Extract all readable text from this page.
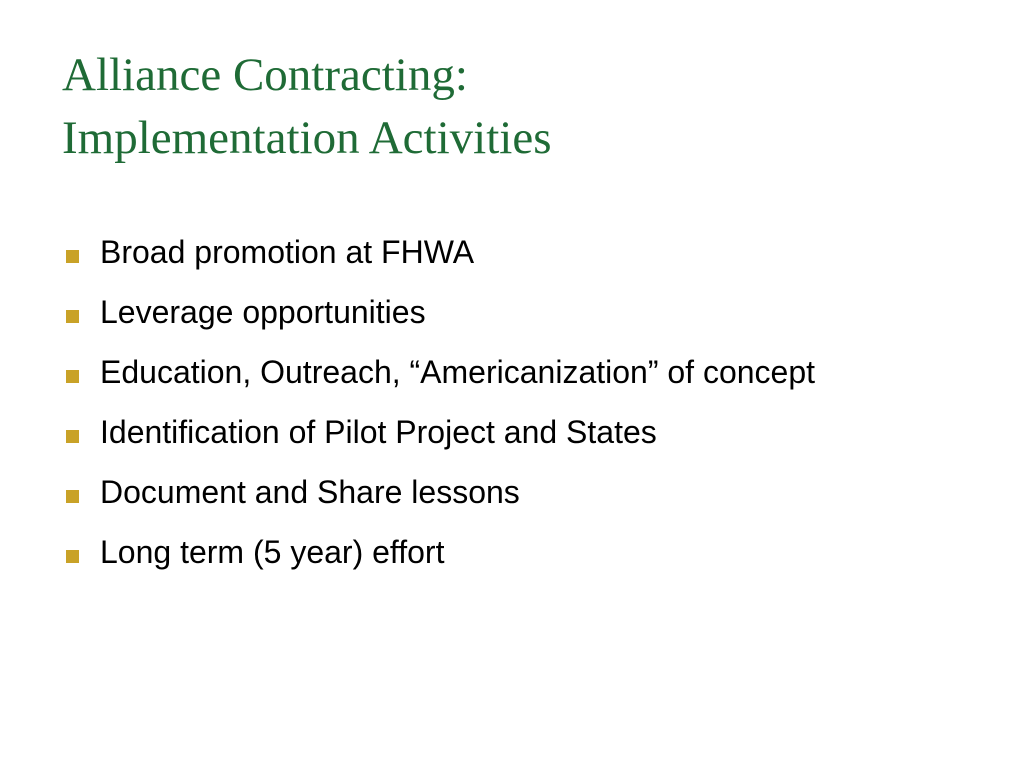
Alliance Contracting:
Implementation Activities
Broad promotion at FHWA
Leverage opportunities
Education, Outreach, “Americanization” of concept
Identification of Pilot Project and States
Document and Share lessons
Long term (5 year) effort
